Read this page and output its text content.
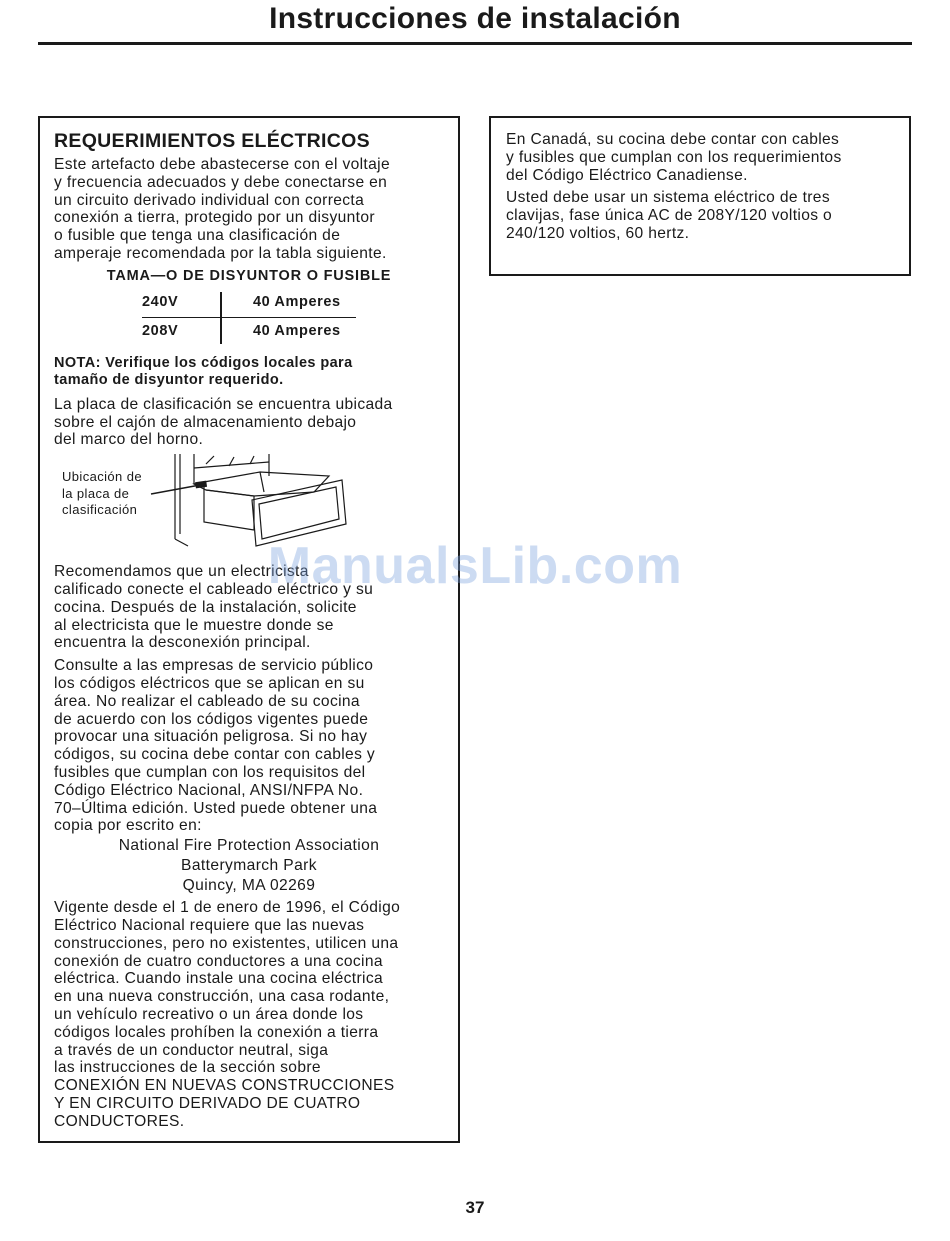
Instrucciones de instalación
REQUERIMIENTOS ELÉCTRICOS
Este artefacto debe abastecerse con el voltaje
y frecuencia adecuados y debe conectarse en
un circuito derivado individual con correcta
conexión a tierra, protegido por un disyuntor
o fusible que tenga una clasificación de
amperaje recomendada por la tabla siguiente.
TAMA—O DE DISYUNTOR O FUSIBLE
240V	40 Amperes
208V	40 Amperes
NOTA: Verifique los códigos locales para
tamaño de disyuntor requerido.
La placa de clasificación se encuentra ubicada
sobre el cajón de almacenamiento debajo
del marco del horno.
Ubicación de
la placa de
clasificación
Recomendamos que un electricista
calificado conecte el cableado eléctrico y su
cocina. Después de la instalación, solicite
al electricista que le muestre donde se
encuentra la desconexión principal.
Consulte a las empresas de servicio público
los códigos eléctricos que se aplican en su
área. No realizar el cableado de su cocina
de acuerdo con los códigos vigentes puede
provocar una situación peligrosa. Si no hay
códigos, su cocina debe contar con cables y
fusibles que cumplan con los requisitos del
Código Eléctrico Nacional, ANSI/NFPA No.
70–Última edición. Usted puede obtener una
copia por escrito en:
National Fire Protection Association
Batterymarch Park
Quincy, MA 02269
Vigente desde el 1 de enero de 1996, el Código
Eléctrico Nacional requiere que las nuevas
construcciones, pero no existentes, utilicen una
conexión de cuatro conductores a una cocina
eléctrica. Cuando instale una cocina eléctrica
en una nueva construcción, una casa rodante,
un vehículo recreativo o un área donde los
códigos locales prohíben la conexión a tierra
a través de un conductor neutral, siga
las instrucciones de la sección sobre
CONEXIÓN EN NUEVAS CONSTRUCCIONES
Y EN CIRCUITO DERIVADO DE CUATRO
CONDUCTORES.
En Canadá, su cocina debe contar con cables
y fusibles que cumplan con los requerimientos
del Código Eléctrico Canadiense.
Usted debe usar un sistema eléctrico de tres
clavijas, fase única AC de 208Y/120 voltios o
240/120 voltios, 60 hertz.
ManualsLib.com
37
